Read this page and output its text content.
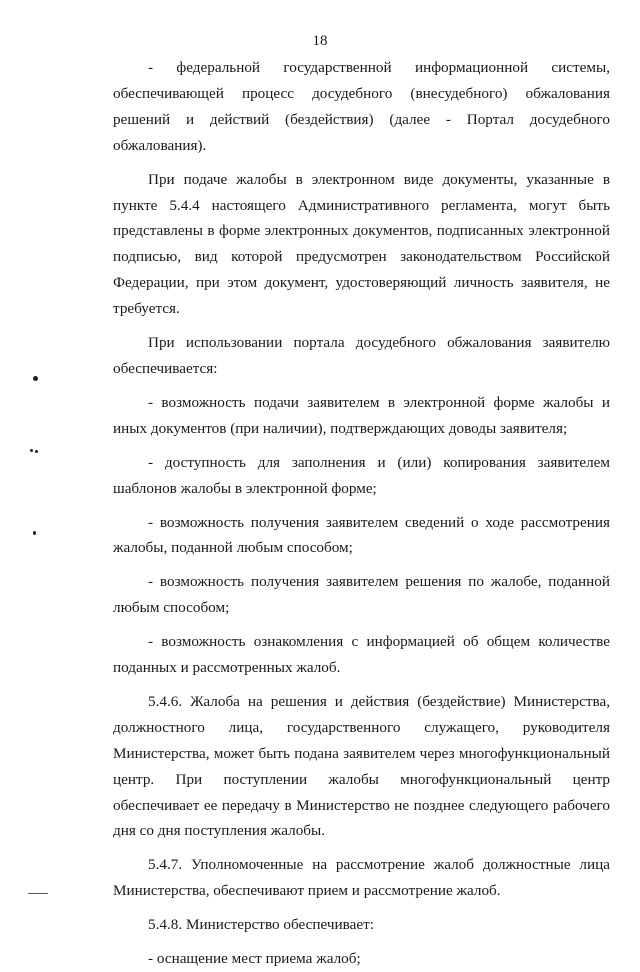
18

- федеральной государственной информационной системы, обеспечивающей процесс досудебного (внесудебного) обжалования решений и действий (бездействия) (далее - Портал досудебного обжалования).

При подаче жалобы в электронном виде документы, указанные в пункте 5.4.4 настоящего Административного регламента, могут быть представлены в форме электронных документов, подписанных электронной подписью, вид которой предусмотрен законодательством Российской Федерации, при этом документ, удостоверяющий личность заявителя, не требуется.

При использовании портала досудебного обжалования заявителю обеспечивается:

- возможность подачи заявителем в электронной форме жалобы и иных документов (при наличии), подтверждающих доводы заявителя;

- доступность для заполнения и (или) копирования заявителем шаблонов жалобы в электронной форме;

- возможность получения заявителем сведений о ходе рассмотрения жалобы, поданной любым способом;

- возможность получения заявителем решения по жалобе, поданной любым способом;

- возможность ознакомления с информацией об общем количестве поданных и рассмотренных жалоб.

5.4.6. Жалоба на решения и действия (бездействие) Министерства, должностного лица, государственного служащего, руководителя Министерства, может быть подана заявителем через многофункциональный центр. При поступлении жалобы многофункциональный центр обеспечивает ее передачу в Министерство не позднее следующего рабочего дня со дня поступления жалобы.

5.4.7. Уполномоченные на рассмотрение жалоб должностные лица Министерства, обеспечивают прием и рассмотрение жалоб.

5.4.8. Министерство обеспечивает:

- оснащение мест приема жалоб;
